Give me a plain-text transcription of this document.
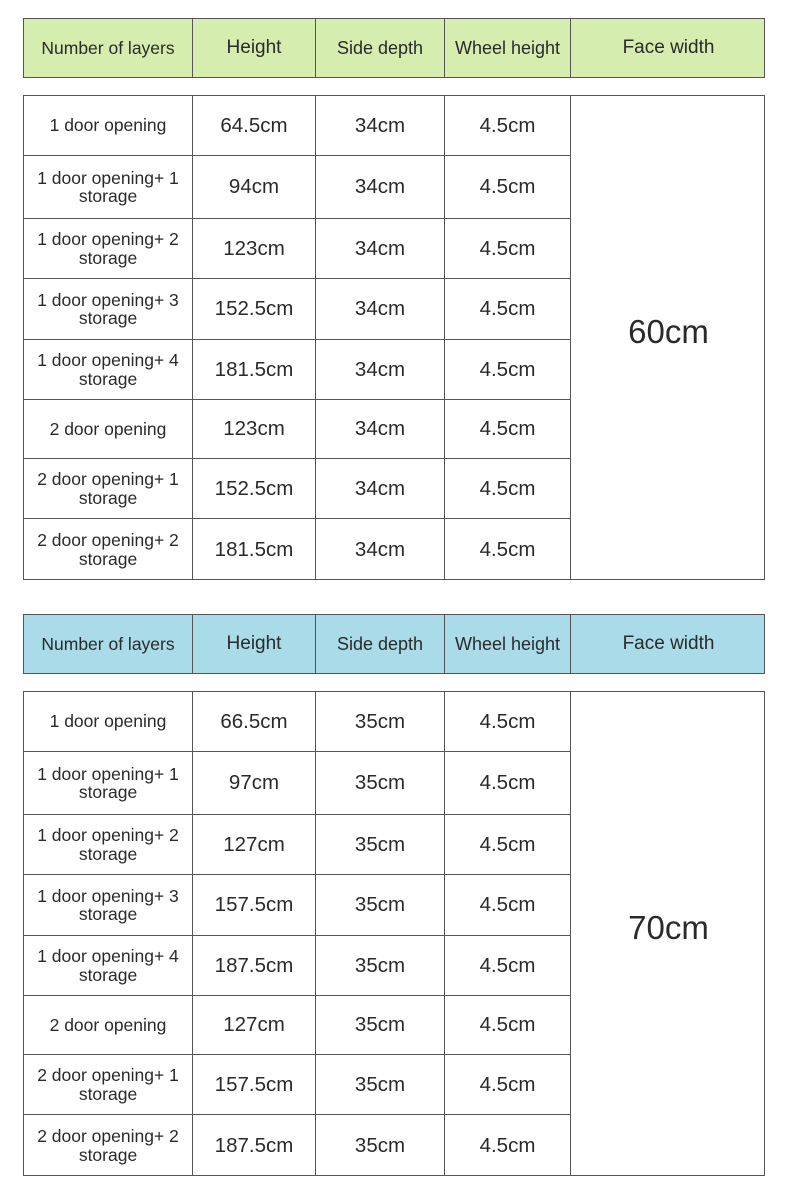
Number of layers	Height	Side depth	Wheel height	Face width
1 door opening	64.5cm	34cm	4.5cm
1 door opening+ 1 storage	94cm	34cm	4.5cm
1 door opening+ 2 storage	123cm	34cm	4.5cm
1 door opening+ 3 storage	152.5cm	34cm	4.5cm
1 door opening+ 4 storage	181.5cm	34cm	4.5cm
2 door opening	123cm	34cm	4.5cm
2 door opening+ 1 storage	152.5cm	34cm	4.5cm
2 door opening+ 2 storage	181.5cm	34cm	4.5cm
60cm
Number of layers	Height	Side depth	Wheel height	Face width
1 door opening	66.5cm	35cm	4.5cm
1 door opening+ 1 storage	97cm	35cm	4.5cm
1 door opening+ 2 storage	127cm	35cm	4.5cm
1 door opening+ 3 storage	157.5cm	35cm	4.5cm
1 door opening+ 4 storage	187.5cm	35cm	4.5cm
2 door opening	127cm	35cm	4.5cm
2 door opening+ 1 storage	157.5cm	35cm	4.5cm
2 door opening+ 2 storage	187.5cm	35cm	4.5cm
70cm
